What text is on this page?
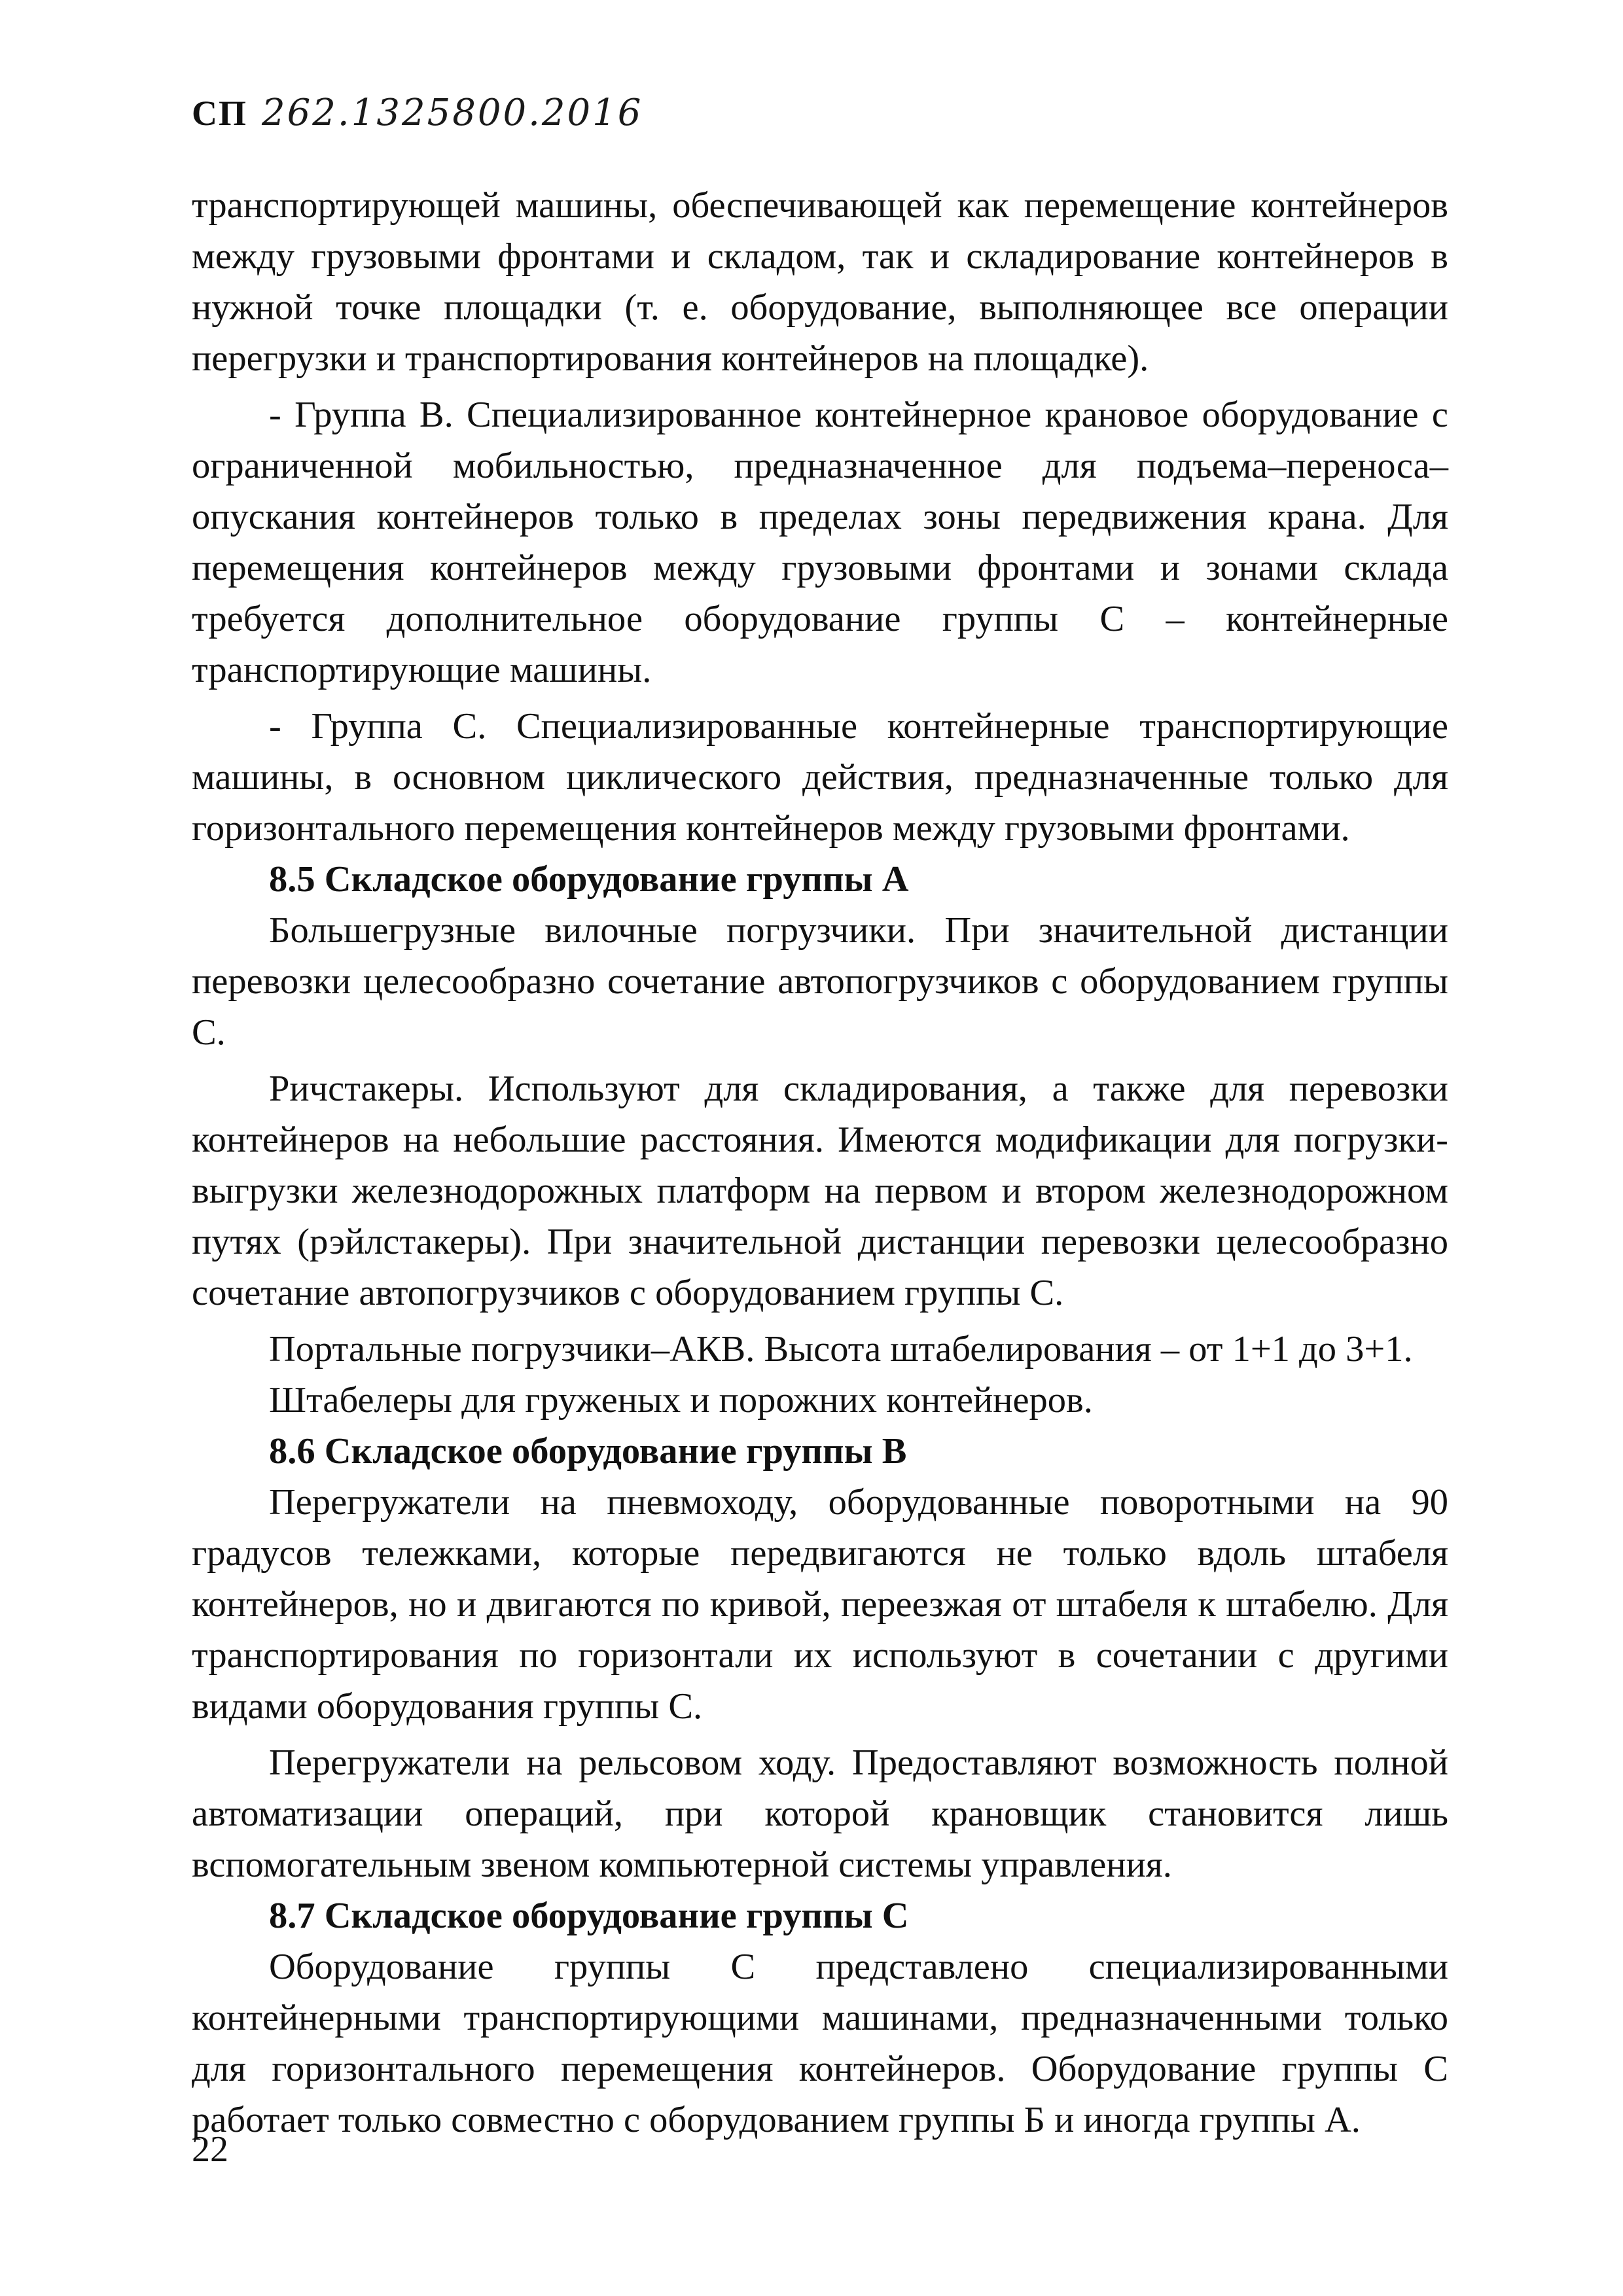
СП 262.1325800.2016

транспортирующей машины, обеспечивающей как перемещение контейнеров между грузовыми фронтами и складом, так и складирование контейнеров в нужной точке площадки (т. е. оборудование, выполняющее все операции перегрузки и транспортирования контейнеров на площадке).

- Группа В. Специализированное контейнерное крановое оборудование с ограниченной мобильностью, предназначенное для подъема–переноса–опускания контейнеров только в пределах зоны передвижения крана. Для перемещения контейнеров между грузовыми фронтами и зонами склада требуется дополнительное оборудование группы С – контейнерные транспортирующие машины.

- Группа С. Специализированные контейнерные транспортирующие машины, в основном циклического действия, предназначенные только для горизонтального перемещения контейнеров между грузовыми фронтами.

8.5 Складское оборудование группы А

Большегрузные вилочные погрузчики. При значительной дистанции перевозки целесообразно сочетание автопогрузчиков с оборудованием группы С.

Ричстакеры. Используют для складирования, а также для перевозки контейнеров на небольшие расстояния. Имеются модификации для погрузки-выгрузки железнодорожных платформ на первом и втором железнодорожном путях (рэйлстакеры). При значительной дистанции перевозки целесообразно сочетание автопогрузчиков с оборудованием группы С.

Портальные погрузчики–АКВ. Высота штабелирования – от 1+1 до 3+1.

Штабелеры для груженых и порожних контейнеров.

8.6 Складское оборудование группы В

Перегружатели на пневмоходу, оборудованные поворотными на 90 градусов тележками, которые передвигаются не только вдоль штабеля контейнеров, но и двигаются по кривой, переезжая от штабеля к штабелю. Для транспортирования по горизонтали их используют в сочетании с другими видами оборудования группы С.

Перегружатели на рельсовом ходу. Предоставляют возможность полной автоматизации операций, при которой крановщик становится лишь вспомогательным звеном компьютерной системы управления.

8.7 Складское оборудование группы С

Оборудование группы С представлено специализированными контейнерными транспортирующими машинами, предназначенными только для горизонтального перемещения контейнеров. Оборудование группы С работает только совместно с оборудованием группы Б и иногда группы А.

22
